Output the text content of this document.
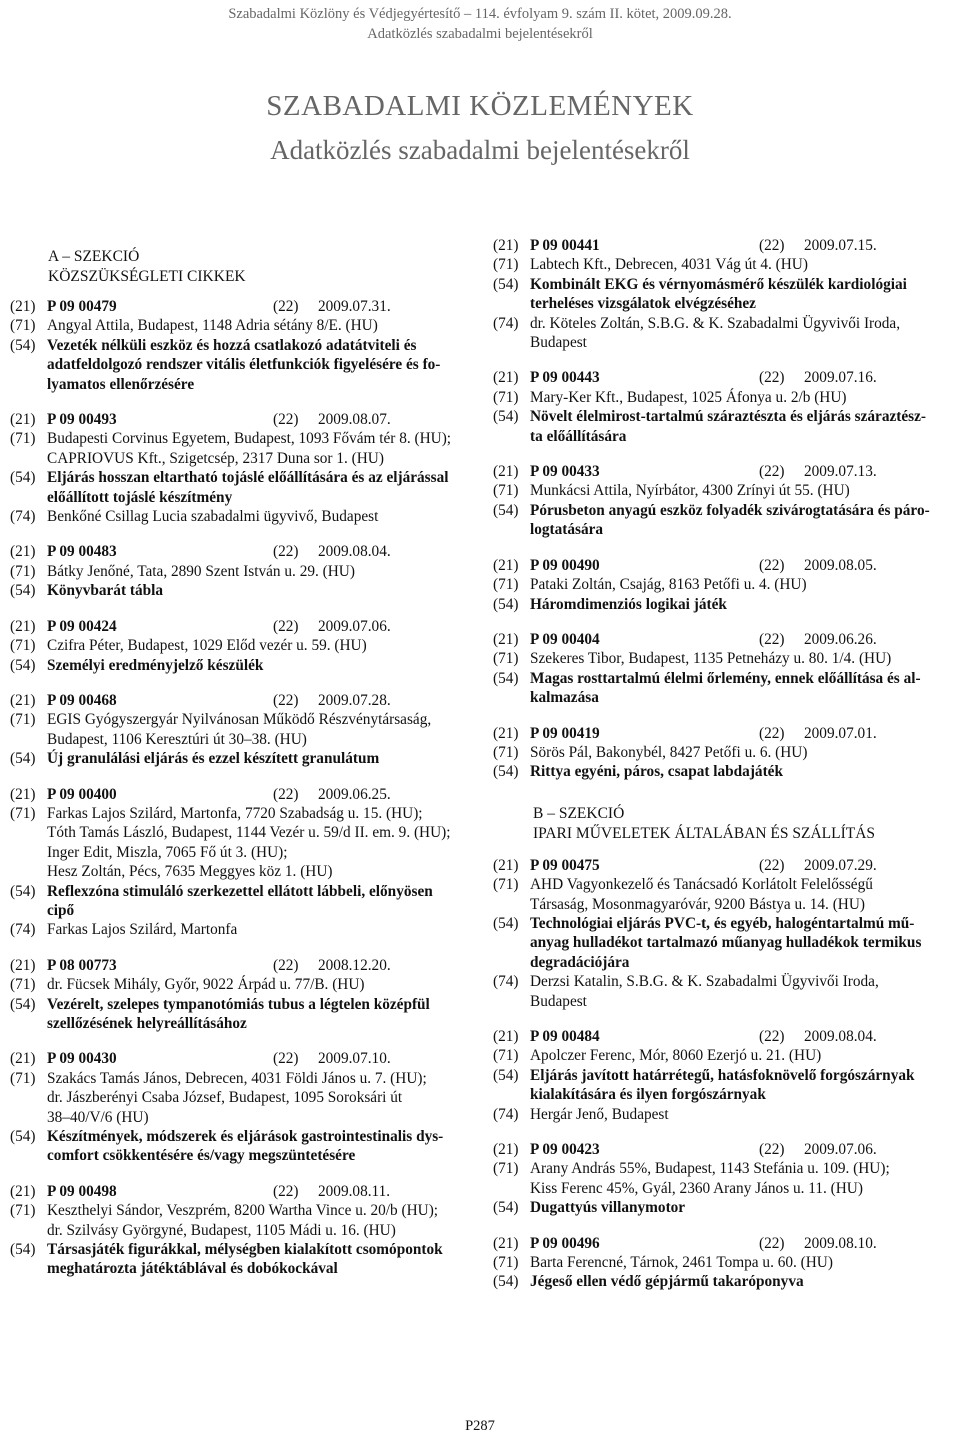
Szabadalmi Közlöny és Védjegyértesítő – 114. évfolyam 9. szám II. kötet, 2009.09.28.
Adatközlés szabadalmi bejelentésekről
SZABADALMI KÖZLEMÉNYEK
Adatközlés szabadalmi bejelentésekről
A – SZEKCIÓ
KÖZSZÜKSÉGLETI CIKKEK
(21) P 09 00479	(22) 2009.07.31.
(71) Angyal Attila, Budapest, 1148 Adria sétány 8/E. (HU)
(54) Vezeték nélküli eszköz és hozzá csatlakozó adatátviteli és
adatfeldolgozó rendszer vitális életfunkciók figyelésére és fo-
lyamatos ellenőrzésére
(21) P 09 00493	(22) 2009.08.07.
(71) Budapesti Corvinus Egyetem, Budapest, 1093 Fővám tér 8. (HU);
CAPRIOVUS Kft., Szigetcsép, 2317 Duna sor 1. (HU)
(54) Eljárás hosszan eltartható tojáslé előállítására és az eljárással
előállított tojáslé készítmény
(74) Benkőné Csillag Lucia szabadalmi ügyvivő, Budapest
(21) P 09 00483	(22) 2009.08.04.
(71) Bátky Jenőné, Tata, 2890 Szent István u. 29. (HU)
(54) Könyvbarát tábla
(21) P 09 00424	(22) 2009.07.06.
(71) Czifra Péter, Budapest, 1029 Előd vezér u. 59. (HU)
(54) Személyi eredményjelző készülék
(21) P 09 00468	(22) 2009.07.28.
(71) EGIS Gyógyszergyár Nyilvánosan Működő Részvénytársaság,
Budapest, 1106 Keresztúri út 30–38. (HU)
(54) Új granulálási eljárás és ezzel készített granulátum
(21) P 09 00400	(22) 2009.06.25.
(71) Farkas Lajos Szilárd, Martonfa, 7720 Szabadság u. 15. (HU);
Tóth Tamás László, Budapest, 1144 Vezér u. 59/d II. em. 9. (HU);
Inger Edit, Miszla, 7065 Fő út 3. (HU);
Hesz Zoltán, Pécs, 7635 Meggyes köz 1. (HU)
(54) Reflexzóna stimuláló szerkezettel ellátott lábbeli, előnyösen
cipő
(74) Farkas Lajos Szilárd, Martonfa
(21) P 08 00773	(22) 2008.12.20.
(71) dr. Fücsek Mihály, Győr, 9022 Árpád u. 77/B. (HU)
(54) Vezérelt, szelepes tympanotómiás tubus a légtelen középfül
szellőzésének helyreállításához
(21) P 09 00430	(22) 2009.07.10.
(71) Szakács Tamás János, Debrecen, 4031 Földi János u. 7. (HU);
dr. Jászberényi Csaba József, Budapest, 1095 Soroksári út
38–40/V/6 (HU)
(54) Készítmények, módszerek és eljárások gastrointestinalis dys-
comfort csökkentésére és/vagy megszüntetésére
(21) P 09 00498	(22) 2009.08.11.
(71) Keszthelyi Sándor, Veszprém, 8200 Wartha Vince u. 20/b (HU);
dr. Szilvásy Györgyné, Budapest, 1105 Mádi u. 16. (HU)
(54) Társasjáték figurákkal, mélységben kialakított csomópontok
meghatározta játéktáblával és dobókockával
(21) P 09 00441	(22) 2009.07.15.
(71) Labtech Kft., Debrecen, 4031 Vág út 4. (HU)
(54) Kombinált EKG és vérnyomásmérő készülék kardiológiai
terheléses vizsgálatok elvégzéséhez
(74) dr. Köteles Zoltán, S.B.G. & K. Szabadalmi Ügyvivői Iroda,
Budapest
(21) P 09 00443	(22) 2009.07.16.
(71) Mary-Ker Kft., Budapest, 1025 Áfonya u. 2/b (HU)
(54) Növelt élelmirost-tartalmú száraztészta és eljárás száraztész-
ta előállítására
(21) P 09 00433	(22) 2009.07.13.
(71) Munkácsi Attila, Nyírbátor, 4300 Zrínyi út 55. (HU)
(54) Pórusbeton anyagú eszköz folyadék szivárogtatására és páro-
logtatására
(21) P 09 00490	(22) 2009.08.05.
(71) Pataki Zoltán, Csajág, 8163 Petőfi u. 4. (HU)
(54) Háromdimenziós logikai játék
(21) P 09 00404	(22) 2009.06.26.
(71) Szekeres Tibor, Budapest, 1135 Petneházy u. 80. 1/4. (HU)
(54) Magas rosttartalmú élelmi őrlemény, ennek előállítása és al-
kalmazása
(21) P 09 00419	(22) 2009.07.01.
(71) Sörös Pál, Bakonybél, 8427 Petőfi u. 6. (HU)
(54) Rittya egyéni, páros, csapat labdajáték
B – SZEKCIÓ
IPARI MŰVELETEK ÁLTALÁBAN ÉS SZÁLLÍTÁS
(21) P 09 00475	(22) 2009.07.29.
(71) AHD Vagyonkezelő és Tanácsadó Korlátolt Felelősségű
Társaság, Mosonmagyaróvár, 9200 Bástya u. 14. (HU)
(54) Technológiai eljárás PVC-t, és egyéb, halogéntartalmú mű-
anyag hulladékot tartalmazó műanyag hulladékok termikus
degradációjára
(74) Derzsi Katalin, S.B.G. & K. Szabadalmi Ügyvivői Iroda,
Budapest
(21) P 09 00484	(22) 2009.08.04.
(71) Apolczer Ferenc, Mór, 8060 Ezerjó u. 21. (HU)
(54) Eljárás javított határrétegű, hatásfoknövelő forgószárnyak
kialakítására és ilyen forgószárnyak
(74) Hergár Jenő, Budapest
(21) P 09 00423	(22) 2009.07.06.
(71) Arany András 55%, Budapest, 1143 Stefánia u. 109. (HU);
Kiss Ferenc 45%, Gyál, 2360 Arany János u. 11. (HU)
(54) Dugattyús villanymotor
(21) P 09 00496	(22) 2009.08.10.
(71) Barta Ferencné, Tárnok, 2461 Tompa u. 60. (HU)
(54) Jégeső ellen védő gépjármű takaróponyva
P287
